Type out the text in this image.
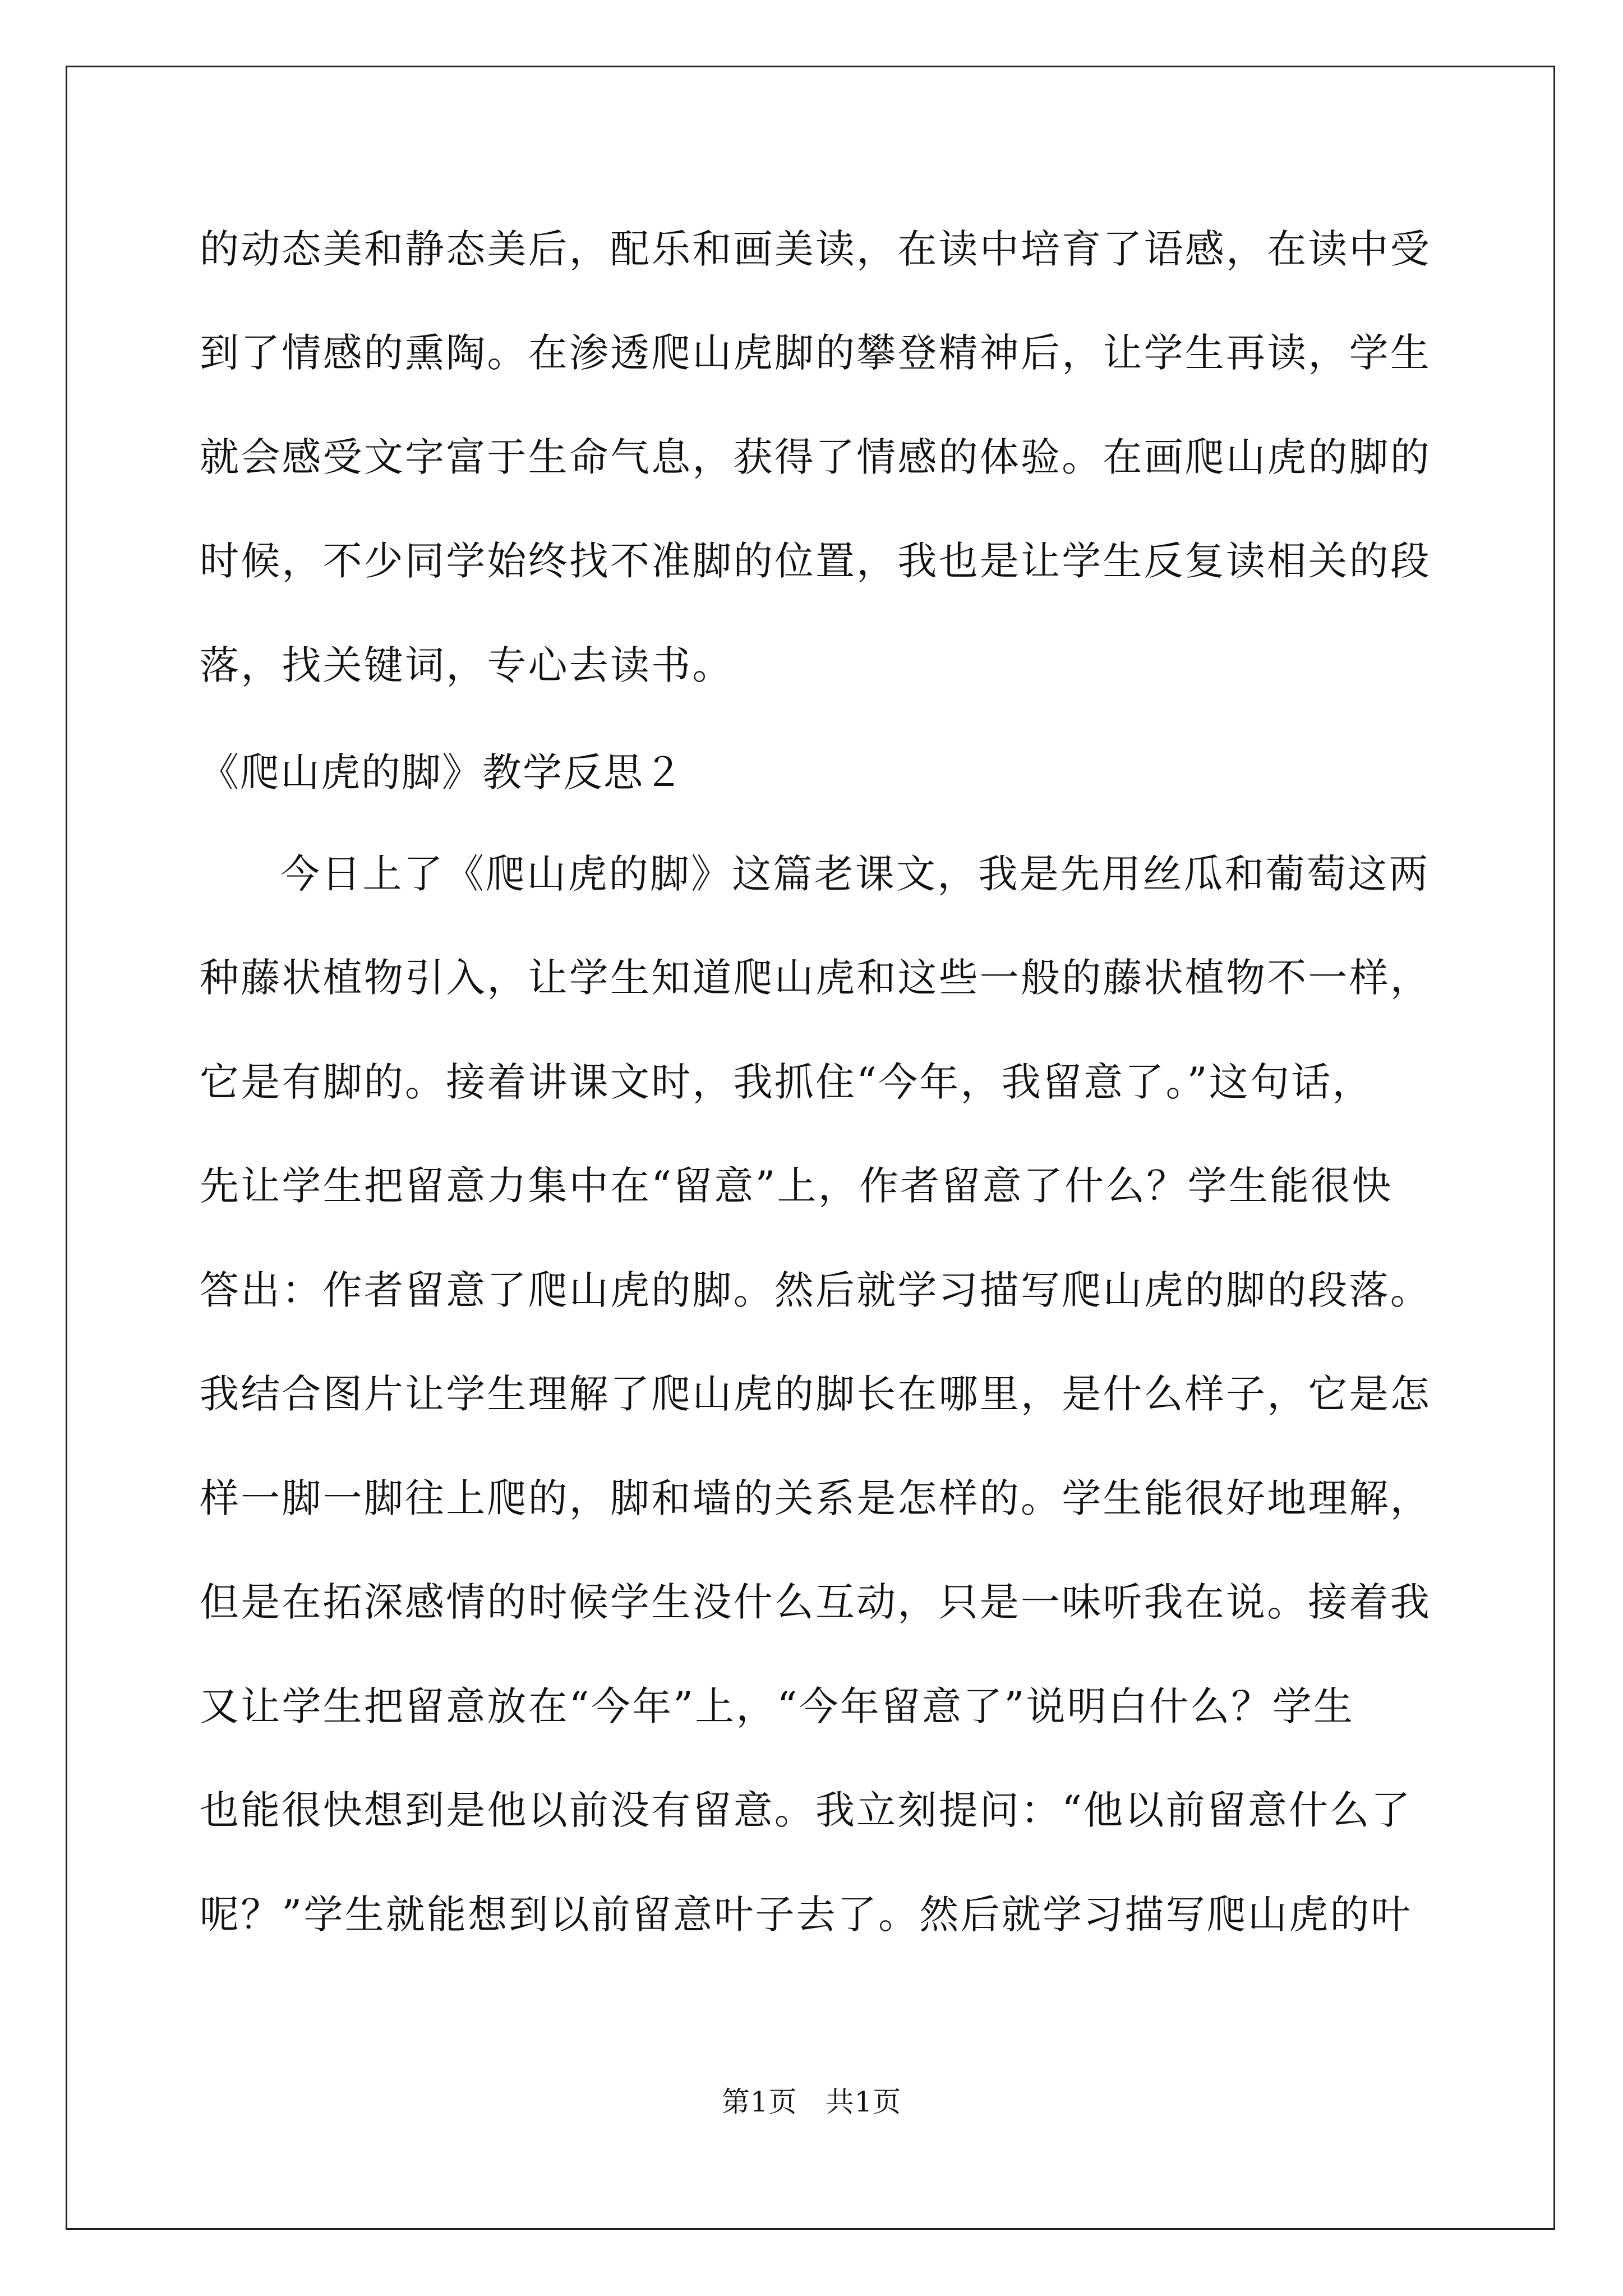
的动态美和静态美后，配乐和画美读，在读中培育了语感，在读中受
到了情感的熏陶。在渗透爬山虎脚的攀登精神后，让学生再读，学生
就会感受文字富于生命气息，获得了情感的体验。在画爬山虎的脚的
时候，不少同学始终找不准脚的位置，我也是让学生反复读相关的段
落，找关键词，专心去读书。
《爬山虎的脚》教学反思２
今日上了《爬山虎的脚》这篇老课文，我是先用丝瓜和葡萄这两
种藤状植物引入，让学生知道爬山虎和这些一般的藤状植物不一样，
它是有脚的。接着讲课文时，我抓住“今年，我留意了。”这句话，
先让学生把留意力集中在“留意”上，作者留意了什么？学生能很快
答出：作者留意了爬山虎的脚。然后就学习描写爬山虎的脚的段落。
我结合图片让学生理解了爬山虎的脚长在哪里，是什么样子，它是怎
样一脚一脚往上爬的，脚和墙的关系是怎样的。学生能很好地理解，
但是在拓深感情的时候学生没什么互动，只是一味听我在说。接着我
又让学生把留意放在“今年”上，“今年留意了”说明白什么？学生
也能很快想到是他以前没有留意。我立刻提问：“他以前留意什么了
呢？”学生就能想到以前留意叶子去了。然后就学习描写爬山虎的叶
第1页　共1页
